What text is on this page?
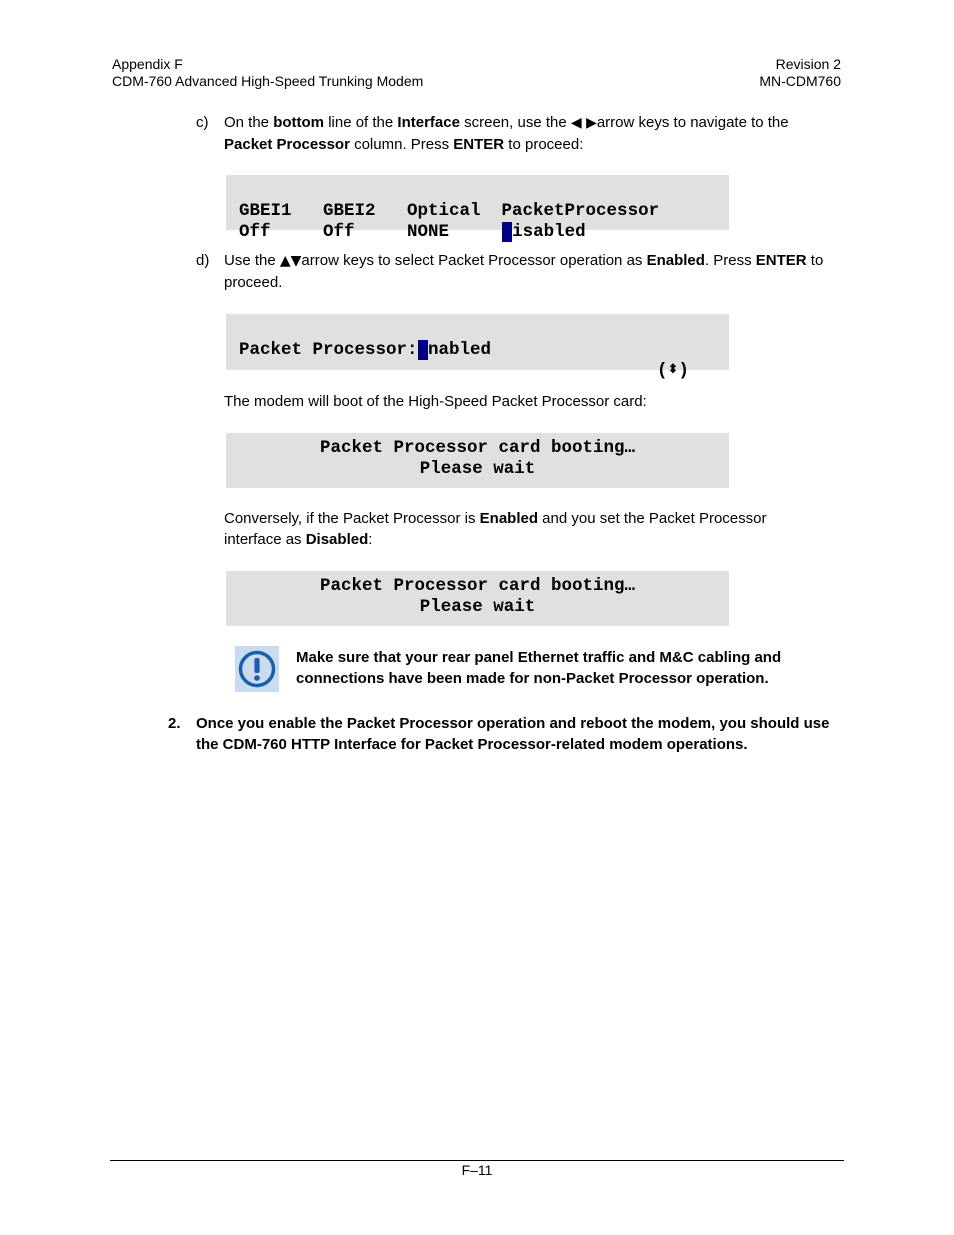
Appendix F
CDM-760 Advanced High-Speed Trunking Modem
Revision 2
MN-CDM760
c) On the bottom line of the Interface screen, use the ◀ ▶arrow keys to navigate to the
Packet Processor column. Press ENTER to proceed:

GBEI1   GBEI2   Optical  PacketProcessor
Off     Off     NONE     Disabled
d) Use the ▲▼arrow keys to select Packet Processor operation as Enabled. Press ENTER to proceed.

Packet Processor:Enabled
(⬍)
The modem will boot of the High-Speed Packet Processor card:
Packet Processor card booting…
Please wait
Conversely, if the Packet Processor is Enabled and you set the Packet Processor interface as Disabled:
Packet Processor card booting…
Please wait
Make sure that your rear panel Ethernet traffic and M&C cabling and connections have been made for non-Packet Processor operation.
2. Once you enable the Packet Processor operation and reboot the modem, you should use the CDM-760 HTTP Interface for Packet Processor-related modem operations.
F–11
